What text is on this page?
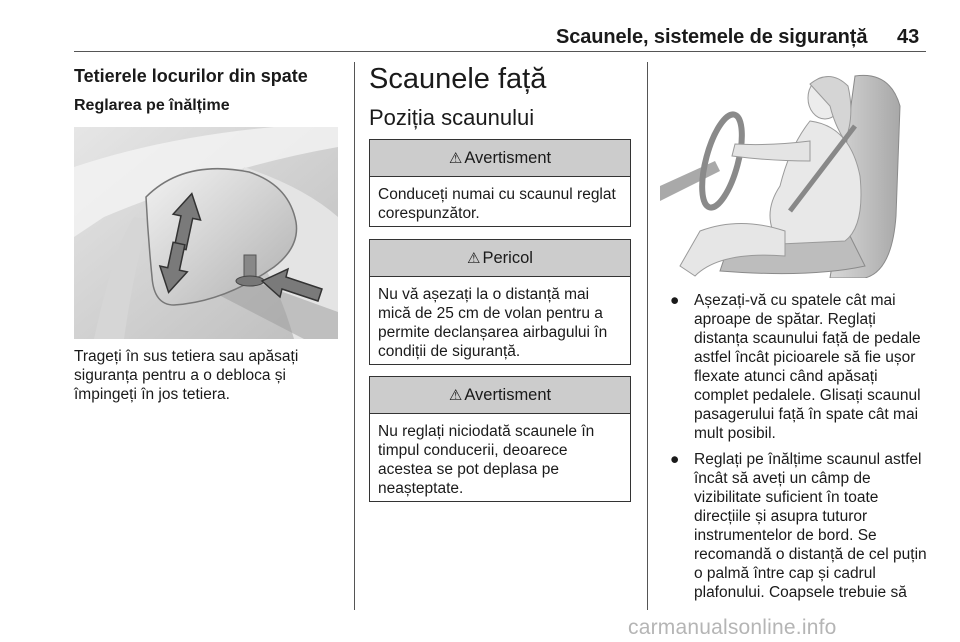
Scaunele, sistemele de siguranță 43
Tetierele locurilor din spate
Reglarea pe înălțime

Trageți în sus tetiera sau apăsați siguranța pentru a o debloca și împingeți în jos tetiera.

Scaunele față
Poziția scaunului
⚠ Avertisment
Conduceți numai cu scaunul reglat corespunzător.
⚠ Pericol
Nu vă așezați la o distanță mai mică de 25 cm de volan pentru a permite declanșarea airbagului în condiții de siguranță.
⚠ Avertisment
Nu reglați niciodată scaunele în timpul conducerii, deoarece acestea se pot deplasa pe neașteptate.
● Așezați-vă cu spatele cât mai aproape de spătar. Reglați distanța scaunului față de pedale astfel încât picioarele să fie ușor flexate atunci când apăsați complet pedalele. Glisați scaunul pasagerului față în spate cât mai mult posibil.
● Reglați pe înălțime scaunul astfel încât să aveți un câmp de vizibilitate suficient în toate direcțiile și asupra tuturor instrumentelor de bord. Se recomandă o distanță de cel puțin o palmă între cap și cadrul plafonului. Coapsele trebuie să
carmanualsonline.info
